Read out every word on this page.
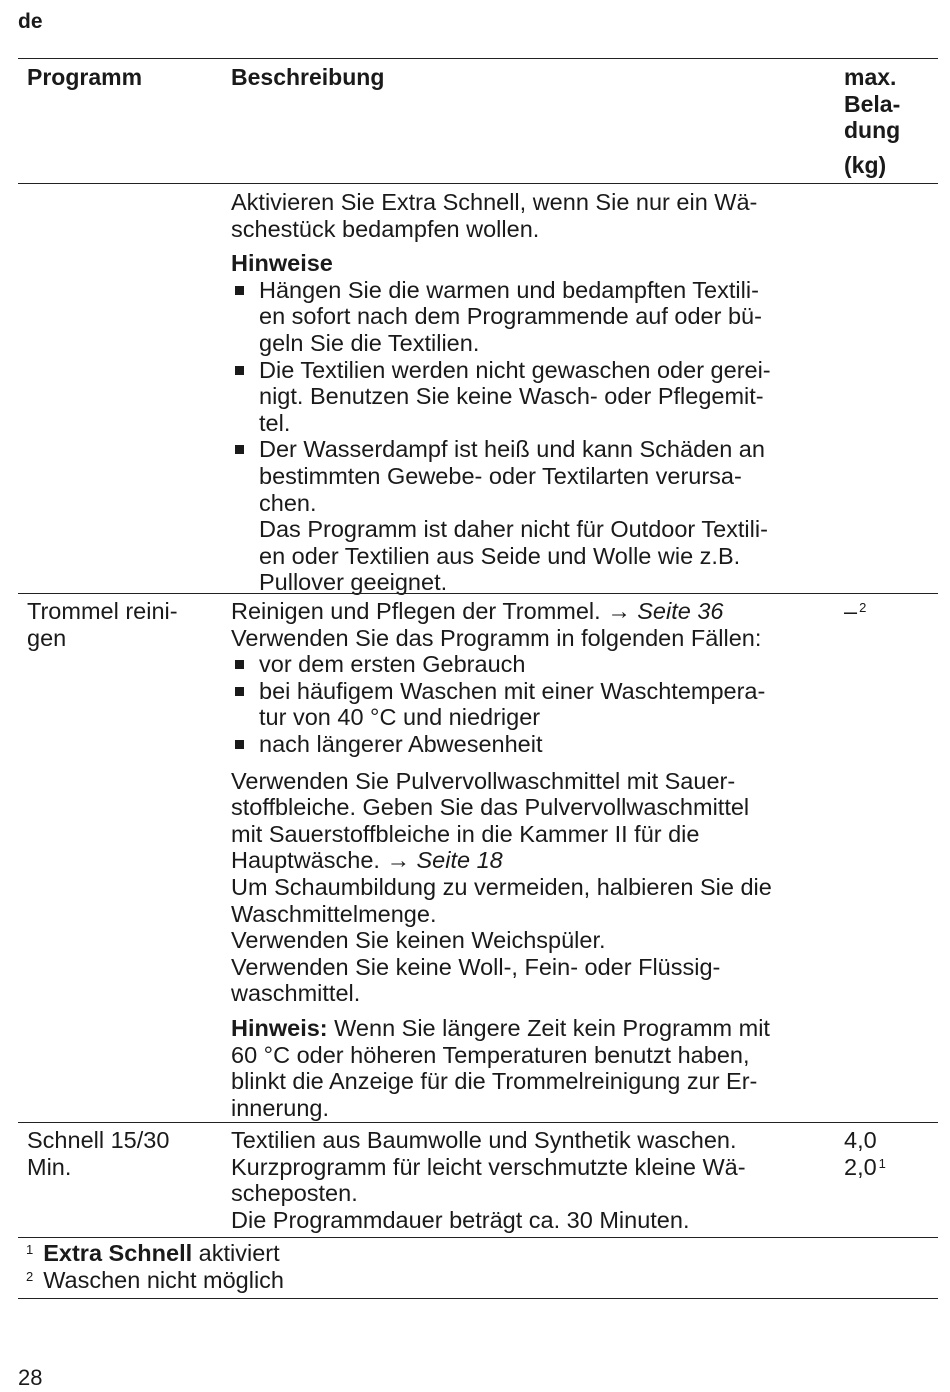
de
Programm	Beschreibung	max.
Bela-
dung
(kg)

Aktivieren Sie Extra Schnell, wenn Sie nur ein Wä-

schestück bedampfen wollen.

Hinweise

Hängen Sie die warmen und bedampften Textili-

en sofort nach dem Programmende auf oder bü-

geln Sie die Textilien.

Die Textilien werden nicht gewaschen oder gerei-

nigt. Benutzen Sie keine Wasch- oder Pflegemit-

tel.

Der Wasserdampf ist heiß und kann Schäden an

bestimmten Gewebe- oder Textilarten verursa-

chen.

Das Programm ist daher nicht für Outdoor Textili-

en oder Textilien aus Seide und Wolle wie z.B.

Pullover geeignet.

Trommel reini-

gen

– $^2$

Reinigen und Pflegen der Trommel. → Seite 36

Verwenden Sie das Programm in folgenden Fällen:

vor dem ersten Gebrauch

bei häufigem Waschen mit einer Waschtempera-

tur von 40 °C und niedriger

nach längerer Abwesenheit

Verwenden Sie Pulvervollwaschmittel mit Sauer-

stoffbleiche. Geben Sie das Pulvervollwaschmittel

mit Sauerstoffbleiche in die Kammer II für die

Hauptwäsche. → Seite 18

Um Schaumbildung zu vermeiden, halbieren Sie die

Waschmittelmenge.

Verwenden Sie keinen Weichspüler.

Verwenden Sie keine Woll-, Fein- oder Flüssig-

waschmittel.

Hinweis: Wenn Sie längere Zeit kein Programm mit

60 °C oder höheren Temperaturen benutzt haben,

blinkt die Anzeige für die Trommelreinigung zur Er-

innerung.

Schnell 15/30

Min.

4,0

2,0 $^1$

Textilien aus Baumwolle und Synthetik waschen.

Kurzprogramm für leicht verschmutzte kleine Wä-

scheposten.

Die Programmdauer beträgt ca. 30 Minuten.

$^1$ Extra Schnell aktiviert
$^2$ Waschen nicht möglich
28
